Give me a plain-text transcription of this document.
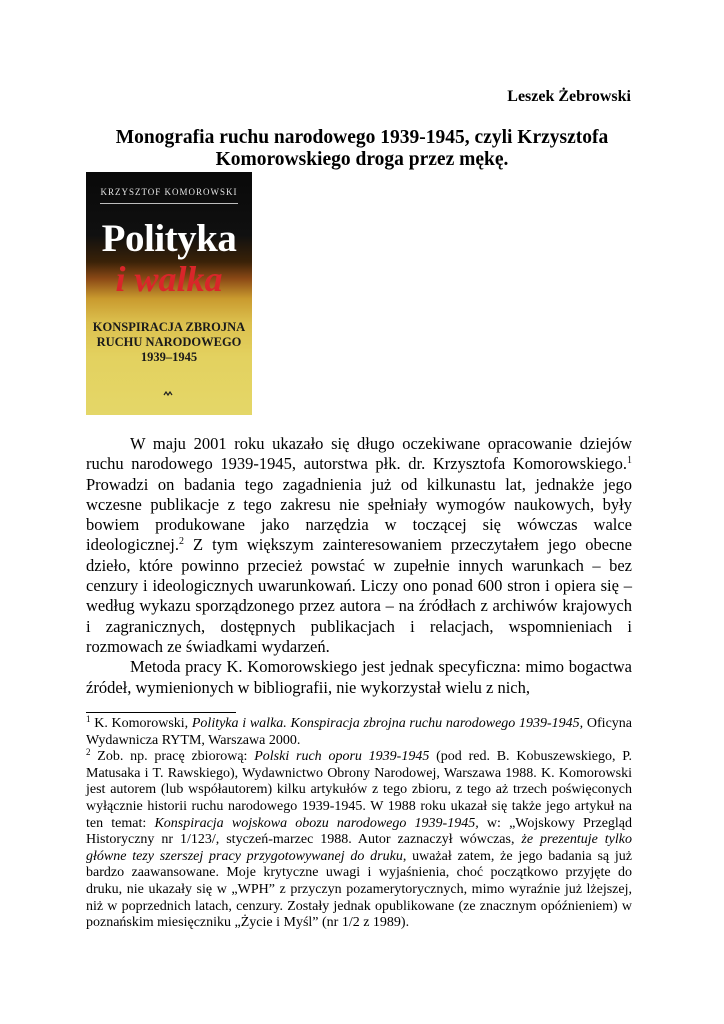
Leszek Żebrowski
Monografia ruchu narodowego 1939-1945, czyli Krzysztofa
Komorowskiego droga przez mękę.
KRZYSZTOF KOMOROWSKI
Polityka
i walka
KONSPIRACJA ZBROJNA
RUCHU NARODOWEGO
1939–1945

W maju 2001 roku ukazało się długo oczekiwane opracowanie dziejów ruchu narodowego 1939-1945, autorstwa płk. dr. Krzysztofa Komorowskiego.$^1$ Prowadzi on badania tego zagadnienia już od kilkunastu lat, jednakże jego wczesne publikacje z tego zakresu nie spełniały wymogów naukowych, były bowiem produkowane jako narzędzia w toczącej się wówczas walce ideologicznej.$^2$ Z tym większym zainteresowaniem przeczytałem jego obecne dzieło, które powinno przecież powstać w zupełnie innych warunkach – bez cenzury i ideologicznych uwarunkowań. Liczy ono ponad 600 stron i opiera się – według wykazu sporządzonego przez autora – na źródłach z archiwów krajowych i zagranicznych, dostępnych publikacjach i relacjach, wspomnieniach i rozmowach ze świadkami wydarzeń.

Metoda pracy K. Komorowskiego jest jednak specyficzna: mimo bogactwa źródeł, wymienionych w bibliografii, nie wykorzystał wielu z nich,

$^1$ K. Komorowski, Polityka i walka. Konspiracja zbrojna ruchu narodowego 1939-1945, Oficyna Wydawnicza RYTM, Warszawa 2000.

$^2$ Zob. np. pracę zbiorową: Polski ruch oporu 1939-1945 (pod red. B. Kobuszewskiego, P. Matusaka i T. Rawskiego), Wydawnictwo Obrony Narodowej, Warszawa 1988. K. Komorowski jest autorem (lub współautorem) kilku artykułów z tego zbioru, z tego aż trzech poświęconych wyłącznie historii ruchu narodowego 1939-1945. W 1988 roku ukazał się także jego artykuł na ten temat: Konspiracja wojskowa obozu narodowego 1939-1945, w: „Wojskowy Przegląd Historyczny nr 1/123/, styczeń-marzec 1988. Autor zaznaczył wówczas, że prezentuje tylko główne tezy szerszej pracy przygotowywanej do druku, uważał zatem, że jego badania są już bardzo zaawansowane. Moje krytyczne uwagi i wyjaśnienia, choć początkowo przyjęte do druku, nie ukazały się w „WPH” z przyczyn pozamerytorycznych, mimo wyraźnie już lżejszej, niż w poprzednich latach, cenzury. Zostały jednak opublikowane (ze znacznym opóźnieniem) w poznańskim miesięczniku „Życie i Myśl” (nr 1/2 z 1989).
